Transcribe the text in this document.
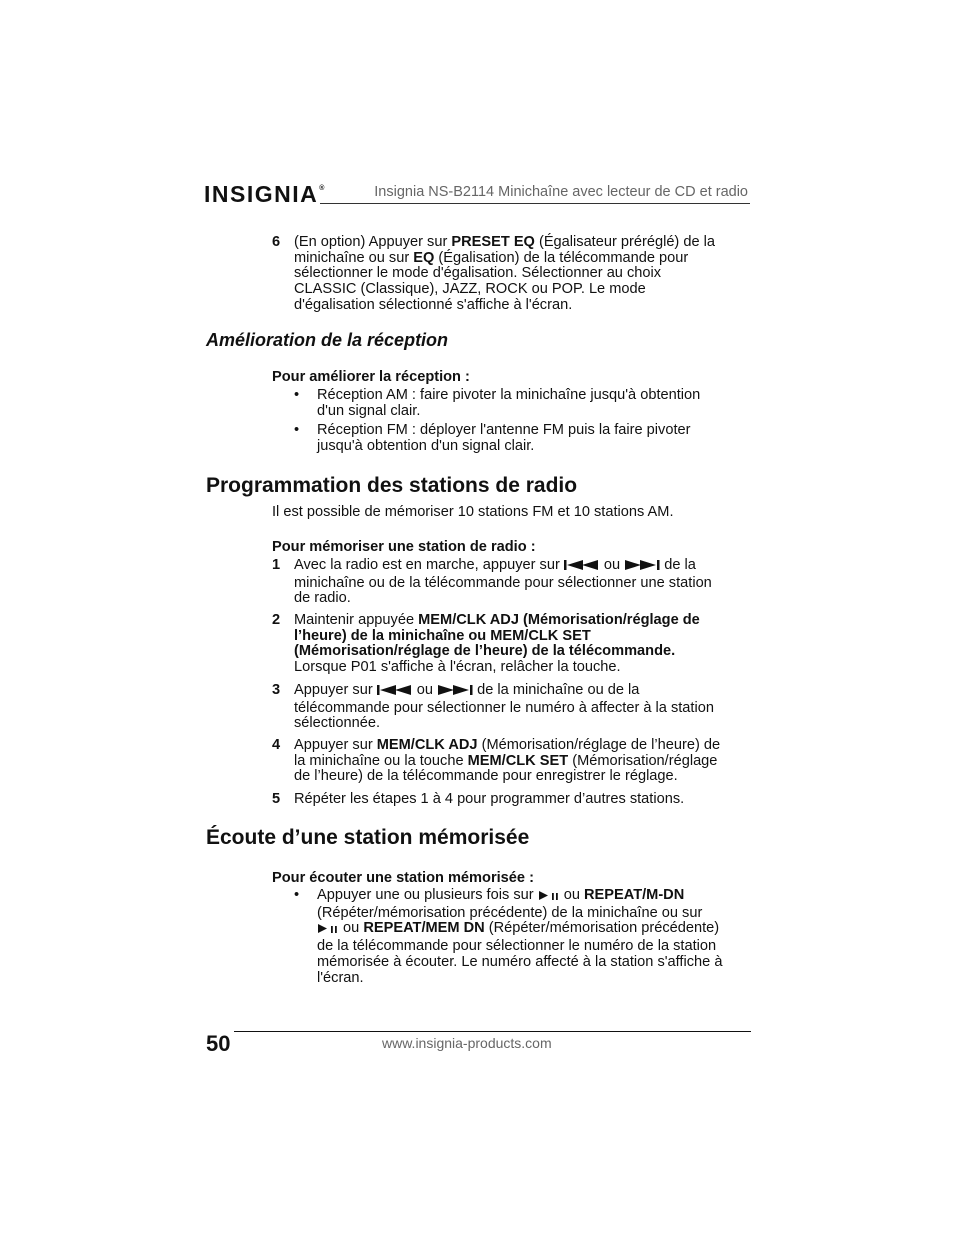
INSIGNIA®	Insignia NS-B2114 Minichaîne avec lecteur de CD et radio
6 (En option) Appuyer sur PRESET EQ (Égalisateur préréglé) de la
minichaîne ou sur EQ (Égalisation) de la télécommande pour
sélectionner le mode d'égalisation. Sélectionner au choix
CLASSIC (Classique), JAZZ, ROCK ou POP. Le mode
d'égalisation sélectionné s'affiche à l'écran.
Amélioration de la réception
Pour améliorer la réception :
• Réception AM : faire pivoter la minichaîne jusqu'à obtention
d'un signal clair.
• Réception FM : déployer l'antenne FM puis la faire pivoter
jusqu'à obtention d'un signal clair.
Programmation des stations de radio
Il est possible de mémoriser 10 stations FM et 10 stations AM.
Pour mémoriser une station de radio :
1 Avec la radio est en marche, appuyer sur  ou  de la
minichaîne ou de la télécommande pour sélectionner une station
de radio.
2 Maintenir appuyée MEM/CLK ADJ (Mémorisation/réglage de
l’heure) de la minichaîne ou MEM/CLK SET
(Mémorisation/réglage de l’heure) de la télécommande.
Lorsque P01 s'affiche à l'écran, relâcher la touche.
3 Appuyer sur  ou  de la minichaîne ou de la
télécommande pour sélectionner le numéro à affecter à la station
sélectionnée.
4 Appuyer sur MEM/CLK ADJ (Mémorisation/réglage de l’heure) de
la minichaîne ou la touche MEM/CLK SET (Mémorisation/réglage
de l’heure) de la télécommande pour enregistrer le réglage.
5 Répéter les étapes 1 à 4 pour programmer d’autres stations.
Écoute d’une station mémorisée
Pour écouter une station mémorisée :
• Appuyer une ou plusieurs fois sur  ou REPEAT/M-DN
(Répéter/mémorisation précédente) de la minichaîne ou sur
ou REPEAT/MEM DN (Répéter/mémorisation précédente)
de la télécommande pour sélectionner le numéro de la station
mémorisée à écouter. Le numéro affecté à la station s'affiche à
l'écran.
50	www.insignia-products.com
